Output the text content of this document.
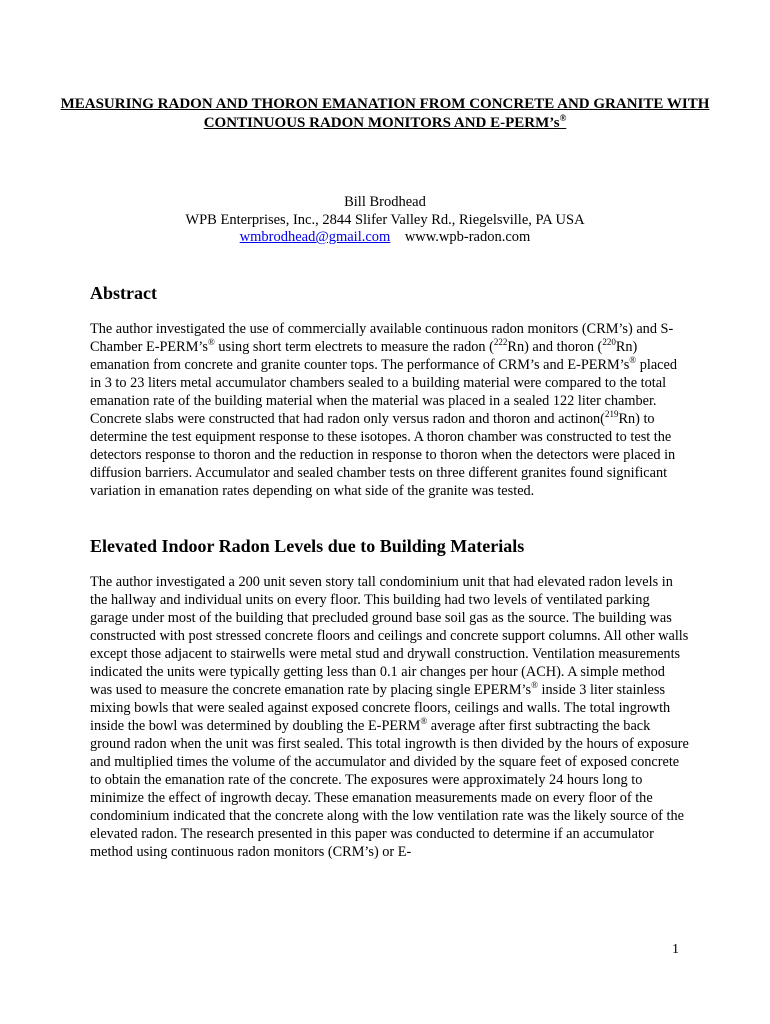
MEASURING RADON AND THORON EMANATION FROM CONCRETE AND GRANITE WITH CONTINUOUS RADON MONITORS AND E-PERM’s®
Bill Brodhead
WPB Enterprises, Inc., 2844 Slifer Valley Rd., Riegelsville, PA USA
wmbrodhead@gmail.com www.wpb-radon.com
Abstract
The author investigated the use of commercially available continuous radon monitors (CRM’s) and S-Chamber E-PERM’s® using short term electrets to measure the radon ($^{222}$Rn) and thoron ($^{220}$Rn) emanation from concrete and granite counter tops. The performance of CRM’s and E-PERM’s® placed in 3 to 23 liters metal accumulator chambers sealed to a building material were compared to the total emanation rate of the building material when the material was placed in a sealed 122 liter chamber. Concrete slabs were constructed that had radon only versus radon and thoron and actinon($^{219}$Rn) to determine the test equipment response to these isotopes. A thoron chamber was constructed to test the detectors response to thoron and the reduction in response to thoron when the detectors were placed in diffusion barriers. Accumulator and sealed chamber tests on three different granites found significant variation in emanation rates depending on what side of the granite was tested.
Elevated Indoor Radon Levels due to Building Materials
The author investigated a 200 unit seven story tall condominium unit that had elevated radon levels in the hallway and individual units on every floor. This building had two levels of ventilated parking garage under most of the building that precluded ground base soil gas as the source. The building was constructed with post stressed concrete floors and ceilings and concrete support columns. All other walls except those adjacent to stairwells were metal stud and drywall construction. Ventilation measurements indicated the units were typically getting less than 0.1 air changes per hour (ACH). A simple method was used to measure the concrete emanation rate by placing single EPERM’s® inside 3 liter stainless mixing bowls that were sealed against exposed concrete floors, ceilings and walls. The total ingrowth inside the bowl was determined by doubling the E-PERM® average after first subtracting the back ground radon when the unit was first sealed. This total ingrowth is then divided by the hours of exposure and multiplied times the volume of the accumulator and divided by the square feet of exposed concrete to obtain the emanation rate of the concrete. The exposures were approximately 24 hours long to minimize the effect of ingrowth decay. These emanation measurements made on every floor of the condominium indicated that the concrete along with the low ventilation rate was the likely source of the elevated radon. The research presented in this paper was conducted to determine if an accumulator method using continuous radon monitors (CRM’s) or E-
1
